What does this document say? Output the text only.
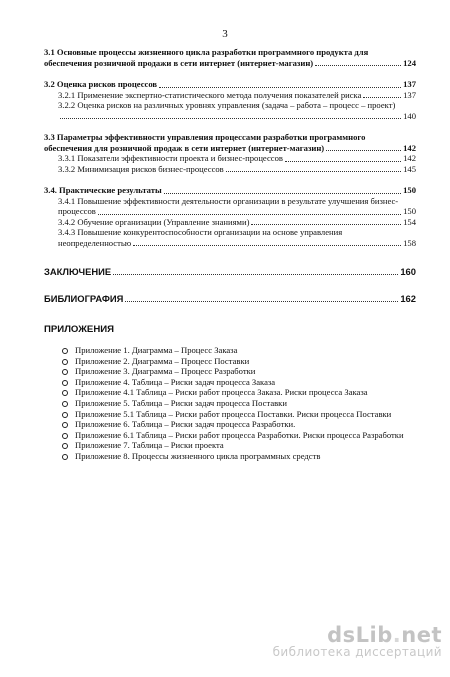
3
3.1 Основные процессы жизненного цикла разработки программного продукта для
обеспечения розничной продажи в сети интернет (интернет-магазин)	124
3.2 Оценка рисков процессов	137
3.2.1 Применение экспертно-статистического метода получения показателей риска	137
3.2.2 Оценка рисков на различных уровнях управления (задача – работа – процесс – проект)
140
3.3 Параметры эффективности управления процессами разработки программного
обеспечения для розничной продаж в сети интернет (интернет-магазин)	142
3.3.1 Показатели эффективности проекта и бизнес-процессов	142
3.3.2 Минимизация рисков бизнес-процессов	145
3.4. Практические результаты	150
3.4.1 Повышение эффективности деятельности организации в результате улучшения бизнес-
процессов	150
3.4.2 Обучение организации (Управление знаниями)	154
3.4.3 Повышение конкурентоспособности организации на основе управления
неопределенностью	158
ЗАКЛЮЧЕНИЕ	160
БИБЛИОГРАФИЯ	162
ПРИЛОЖЕНИЯ
Приложение 1. Диаграмма – Процесс Заказа
Приложение 2. Диаграмма – Процесс Поставки
Приложение 3. Диаграмма – Процесс Разработки
Приложение 4. Таблица – Риски задач процесса Заказа
Приложение 4.1 Таблица – Риски работ процесса Заказа. Риски процесса Заказа
Приложение 5. Таблица – Риски задач процесса Поставки
Приложение 5.1 Таблица – Риски работ процесса Поставки. Риски процесса Поставки
Приложение 6. Таблица – Риски задач процесса Разработки.
Приложение 6.1 Таблица – Риски работ процесса Разработки. Риски процесса Разработки
Приложение 7. Таблица – Риски проекта
Приложение 8. Процессы жизненного цикла программных средств
dsLib.net
библиотека диссертаций
